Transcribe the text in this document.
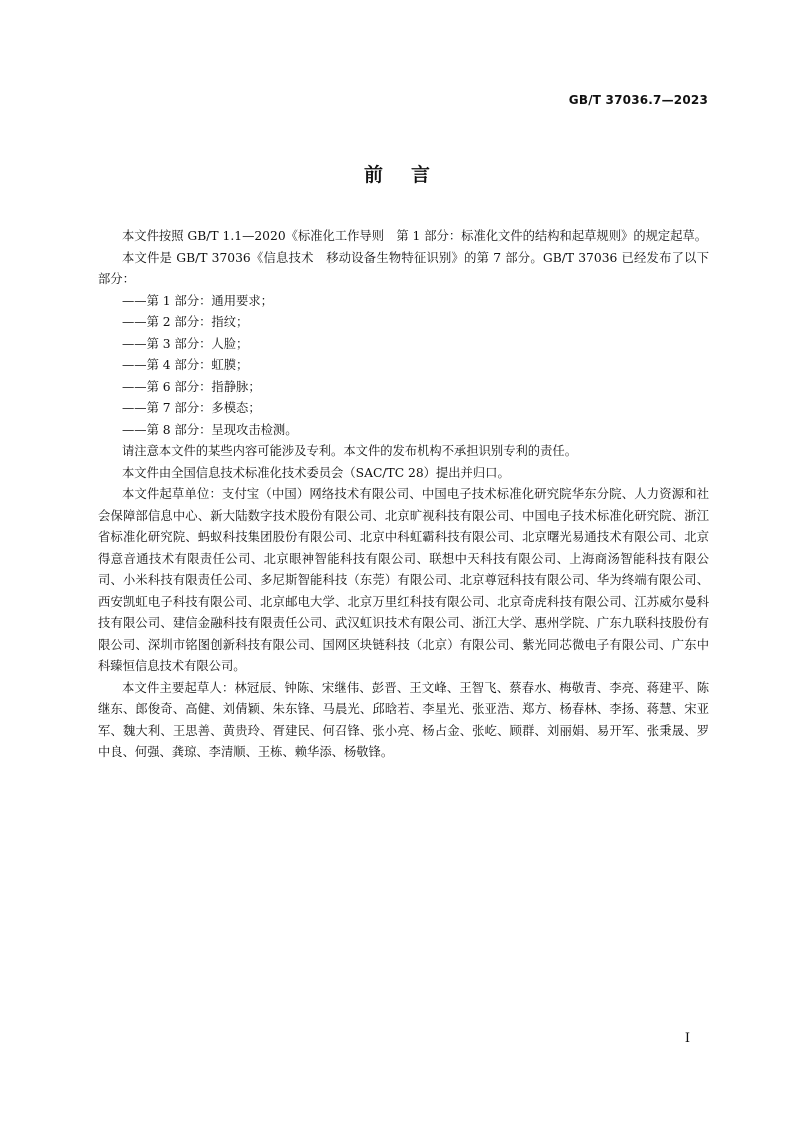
GB/T 37036.7—2023
前言

本文件按照 GB/T 1.1—2020《标准化工作导则　第 1 部分：标准化文件的结构和起草规则》的规定起草。

本文件是 GB/T 37036《信息技术　移动设备生物特征识别》的第 7 部分。GB/T 37036 已经发布了以下部分：

——第 1 部分：通用要求；

——第 2 部分：指纹；

——第 3 部分：人脸；

——第 4 部分：虹膜；

——第 6 部分：指静脉；

——第 7 部分：多模态；

——第 8 部分：呈现攻击检测。

请注意本文件的某些内容可能涉及专利。本文件的发布机构不承担识别专利的责任。

本文件由全国信息技术标准化技术委员会（SAC/TC 28）提出并归口。

本文件起草单位：支付宝（中国）网络技术有限公司、中国电子技术标准化研究院华东分院、人力资源和社会保障部信息中心、新大陆数字技术股份有限公司、北京旷视科技有限公司、中国电子技术标准化研究院、浙江省标准化研究院、蚂蚁科技集团股份有限公司、北京中科虹霸科技有限公司、北京曙光易通技术有限公司、北京得意音通技术有限责任公司、北京眼神智能科技有限公司、联想中天科技有限公司、上海商汤智能科技有限公司、小米科技有限责任公司、多尼斯智能科技（东莞）有限公司、北京尊冠科技有限公司、华为终端有限公司、西安凯虹电子科技有限公司、北京邮电大学、北京万里红科技有限公司、北京奇虎科技有限公司、江苏威尔曼科技有限公司、建信金融科技有限责任公司、武汉虹识技术有限公司、浙江大学、惠州学院、广东九联科技股份有限公司、深圳市铭图创新科技有限公司、国网区块链科技（北京）有限公司、紫光同芯微电子有限公司、广东中科臻恒信息技术有限公司。

本文件主要起草人：林冠辰、钟陈、宋继伟、彭晋、王文峰、王智飞、蔡春水、梅敬青、李亮、蒋建平、陈继东、郎俊奇、高健、刘倩颖、朱东锋、马晨光、邱晗若、李星光、张亚浩、郑方、杨春林、李扬、蒋慧、宋亚军、魏大利、王思善、黄贵玲、胥建民、何召锋、张小亮、杨占金、张屹、顾群、刘丽娟、易开军、张秉晟、罗中良、何强、龚琼、李清顺、王栋、赖华添、杨敬锋。

I
